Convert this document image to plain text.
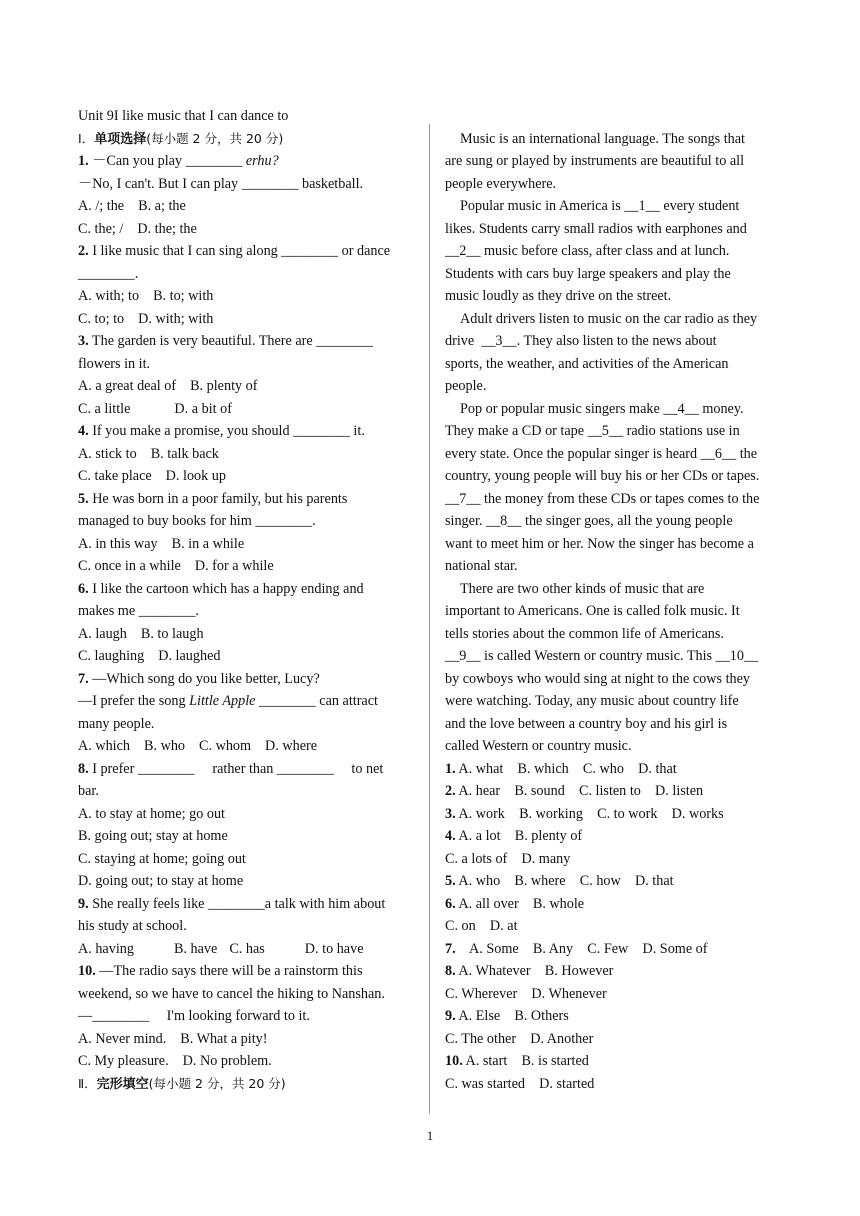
Unit 9I like music that I can dance to
Ⅰ．单项选择(每小题 2 分，共 20 分)
1. －Can you play ________ erhu?
－No, I can't. But I can play ________ basketball.
A. /; the B. a; the
C. the; / D. the; the
2. I like music that I can sing along ________ or dance
________.
A. with; to B. to; with
C. to; to D. with; with
3. The garden is very beautiful. There are ________
flowers in it.
A. a great deal of B. plenty of
C. a little	D. a bit of
4. If you make a promise, you should ________ it.
A. stick to B. talk back
C. take place D. look up
5. He was born in a poor family, but his parents
managed to buy books for him ________.
A. in this way B. in a while
C. once in a while D. for a while
6. I like the cartoon which has a happy ending and
makes me ________.
A. laugh B. to laugh
C. laughing D. laughed
7. —Which song do you like better, Lucy?
—I prefer the song Little Apple ________ can attract
many people.
A. which B. who C. whom D. where
8. I prefer ________     rather than ________     to net
bar.
A. to stay at home; go out
B. going out; stay at home
C. staying at home; going out
D. going out; to stay at home
9. She really feels like ________a talk with him about
his study at school.
A. having	B. have C. has	D. to have
10. —The radio says there will be a rainstorm this
weekend, so we have to cancel the hiking to Nanshan.
—________     I'm looking forward to it.
A. Never mind. B. What a pity!
C. My pleasure. D. No problem.
Ⅱ．完形填空(每小题 2 分，共 20 分)
Music is an international language. The songs that
are sung or played by instruments are beautiful to all
people everywhere.
Popular music in America is __1__ every student
likes. Students carry small radios with earphones and
__2__ music before class, after class and at lunch.
Students with cars buy large speakers and play the
music loudly as they drive on the street.
Adult drivers listen to music on the car radio as they
drive  __3__. They also listen to the news about
sports, the weather, and activities of the American
people.
Pop or popular music singers make __4__ money.
They make a CD or tape __5__ radio stations use in
every state. Once the popular singer is heard __6__ the
country, young people will buy his or her CDs or tapes.
__7__ the money from these CDs or tapes comes to the
singer. __8__ the singer goes, all the young people
want to meet him or her. Now the singer has become a
national star.
There are two other kinds of music that are
important to Americans. One is called folk music. It
tells stories about the common life of Americans.
__9__ is called Western or country music. This __10__
by cowboys who would sing at night to the cows they
were watching. Today, any music about country life
and the love between a country boy and his girl is
called Western or country music.
1. A. what    B. which    C. who    D. that
2. A. hear    B. sound    C. listen to    D. listen
3. A. work    B. working    C. to work    D. works
4. A. a lot    B. plenty of
C. a lots of    D. many
5. A. who    B. where    C. how    D. that
6. A. all over    B. whole
C. on    D. at
7.    A. Some    B. Any    C. Few    D. Some of
8. A. Whatever    B. However
C. Wherever    D. Whenever
9. A. Else    B. Others
C. The other    D. Another
10. A. start    B. is started
C. was started    D. started
1
